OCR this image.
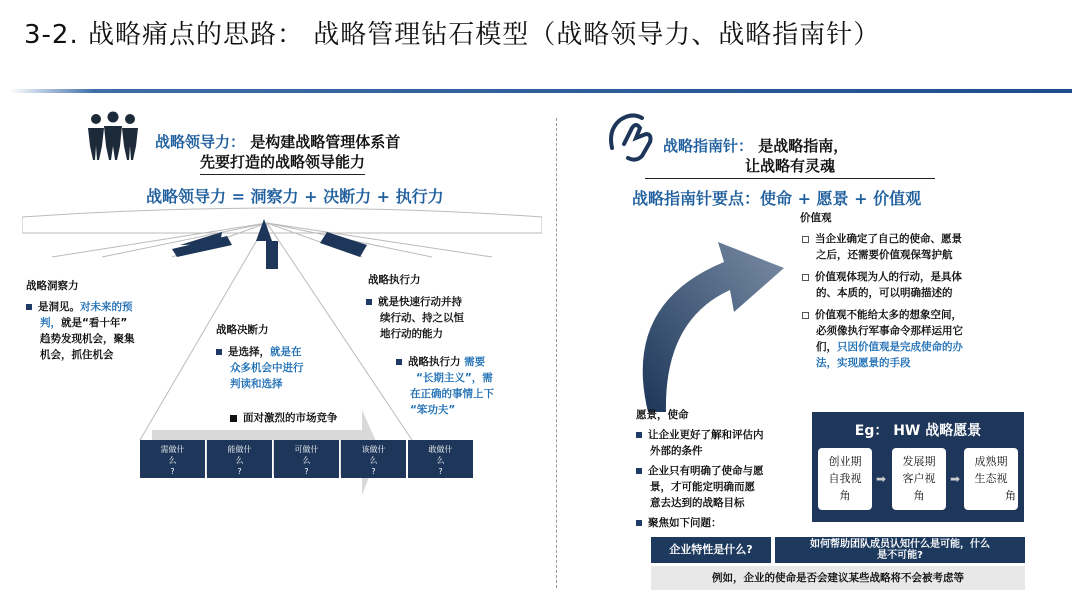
3-2. 战略痛点的思路： 战略管理钻石模型（战略领导力、战略指南针）
战略领导力： 是构建战略管理体系首
先要打造的战略领导能力
战略领导力 = 洞察力 + 决断力 + 执行力
战略洞察力
是洞见。对未来的预
判，就是“看十年”
趋势发现机会，聚集
机会，抓住机会
战略决断力
是选择，就是在
众多机会中进行
判读和选择
面对激烈的市场竞争
战略执行力
就是快速行动并持
续行动、持之以恒
地行动的能力
战略执行力 需要
“长期主义”，需
在正确的事情上下
“笨功夫”
需做什
么
?
能做什
么
?
可做什
么
?
该做什
么
?
敢做什
么
?
战略指南针： 是战略指南，
让战略有灵魂
战略指南针要点：使命 + 愿景 + 价值观
价值观
当企业确定了自己的使命、愿景
之后，还需要价值观保驾护航
价值观体现为人的行动，是具体
的、本质的，可以明确描述的
价值观不能给太多的想象空间，
必须像执行军事命令那样运用它
们，只因价值观是完成使命的办
法，实现愿景的手段
愿景，使命
让企业更好了解和评估内
外部的条件
企业只有明确了使命与愿
景，才可能定明确而愿
意去达到的战略目标
聚焦如下问题：
Eg： HW 战略愿景
创业期
自我视
角
➡
发展期
客户视
角
➡
成熟期
生态视
角
企业特性是什么?	如何帮助团队成员认知什么是可能，什么
是不可能?
例如，企业的使命是否会建议某些战略将不会被考虑等
